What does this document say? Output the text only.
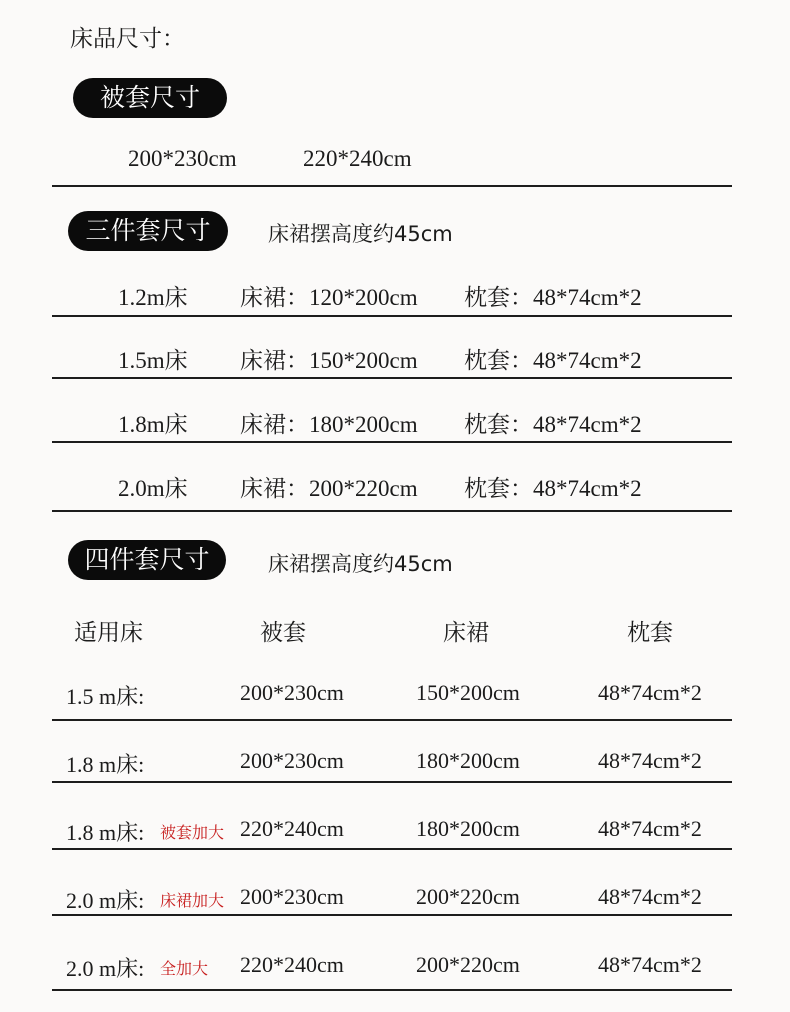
床品尺寸：
被套尺寸
200*230cm	220*240cm
三件套尺寸	床裙摆高度约45cm
1.2m床 床裙：120*200cm 枕套：48*74cm*2
1.5m床 床裙：150*200cm 枕套：48*74cm*2
1.8m床 床裙：180*200cm 枕套：48*74cm*2
2.0m床 床裙：200*220cm 枕套：48*74cm*2
四件套尺寸	床裙摆高度约45cm
适用床	被套	床裙	枕套
1.5 m床:	200*230cm	150*200cm	48*74cm*2
1.8 m床:	200*230cm	180*200cm	48*74cm*2
1.8 m床: 被套加大 220*240cm	180*200cm	48*74cm*2
2.0 m床: 床裙加大 200*230cm	200*220cm	48*74cm*2
2.0 m床: 全加大 220*240cm	200*220cm	48*74cm*2
